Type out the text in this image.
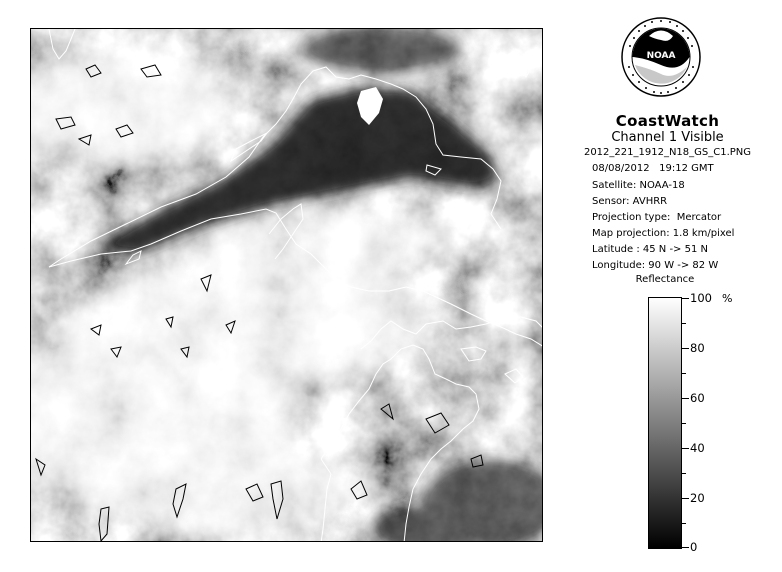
NOAA
CoastWatch
Channel 1 Visible
2012_221_1912_N18_GS_C1.PNG
08/08/2012   19:12 GMT
Satellite: NOAA-18
Sensor: AVHRR
Projection type:  Mercator
Map projection: 1.8 km/pixel
Latitude : 45 N -> 51 N
Longitude: 90 W -> 82 W
Reflectance
%
100
80
60
40
20
0
